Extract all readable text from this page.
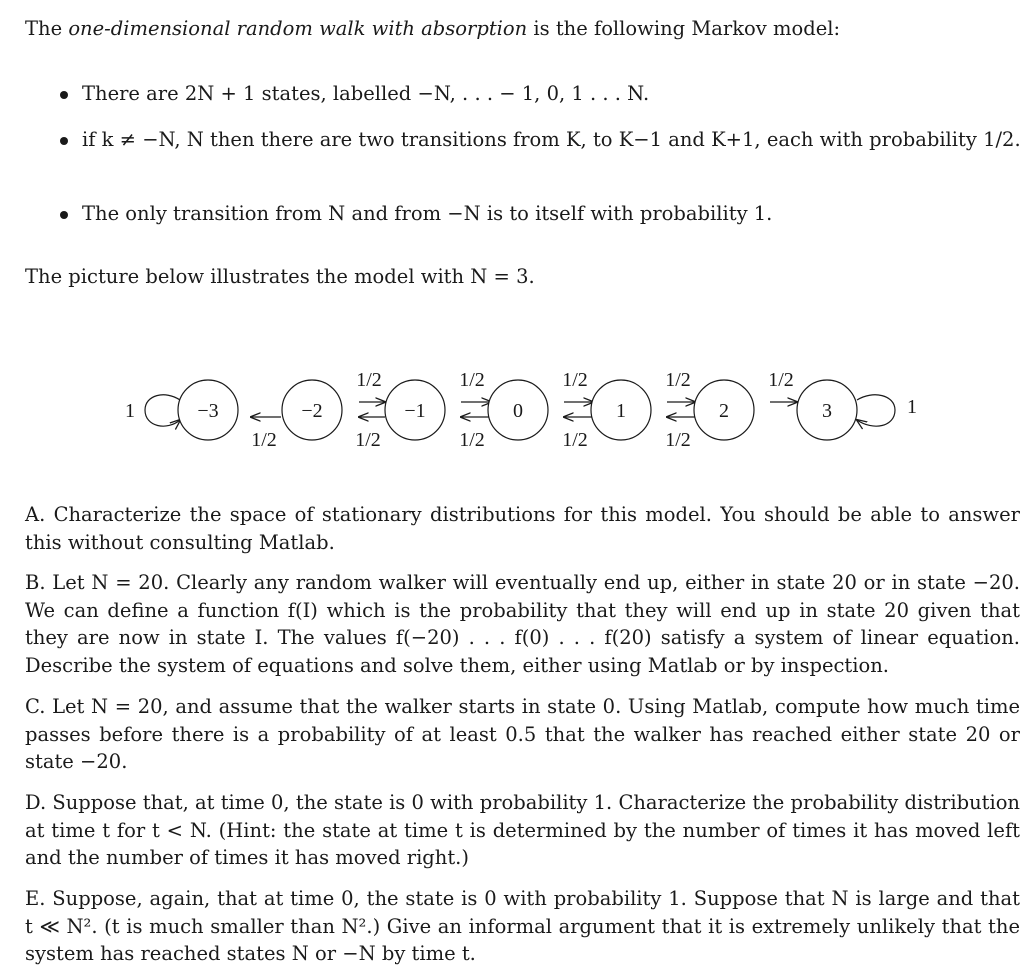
The one-dimensional random walk with absorption is the following Markov model:
There are 2N + 1 states, labelled −N, . . . − 1, 0, 1 . . . N.
if k ≠ −N, N then there are two transitions from K, to K−1 and K+1, each with probability 1/2.
The only transition from N and from −N is to itself with probability 1.
The picture below illustrates the model with N = 3.
1	1
−3	−2	−1	0	1	2	3
1/2	1/2	1/2	1/2	1/2
1/2	1/2	1/2	1/2	1/2
A. Characterize the space of stationary distributions for this model. You should be able to answer this without consulting Matlab.
B. Let N = 20. Clearly any random walker will eventually end up, either in state 20 or in state −20. We can define a function f(I) which is the probability that they will end up in state 20 given that they are now in state I. The values f(−20) . . . f(0) . . . f(20) satisfy a system of linear equation. Describe the system of equations and solve them, either using Matlab or by inspection.
C. Let N = 20, and assume that the walker starts in state 0. Using Matlab, compute how much time passes before there is a probability of at least 0.5 that the walker has reached either state 20 or state −20.
D. Suppose that, at time 0, the state is 0 with probability 1. Characterize the probability distribution at time t for t < N. (Hint: the state at time t is determined by the number of times it has moved left and the number of times it has moved right.)
E. Suppose, again, that at time 0, the state is 0 with probability 1. Suppose that N is large and that t ≪ N². (t is much smaller than N².) Give an informal argument that it is extremely unlikely that the system has reached states N or −N by time t.
